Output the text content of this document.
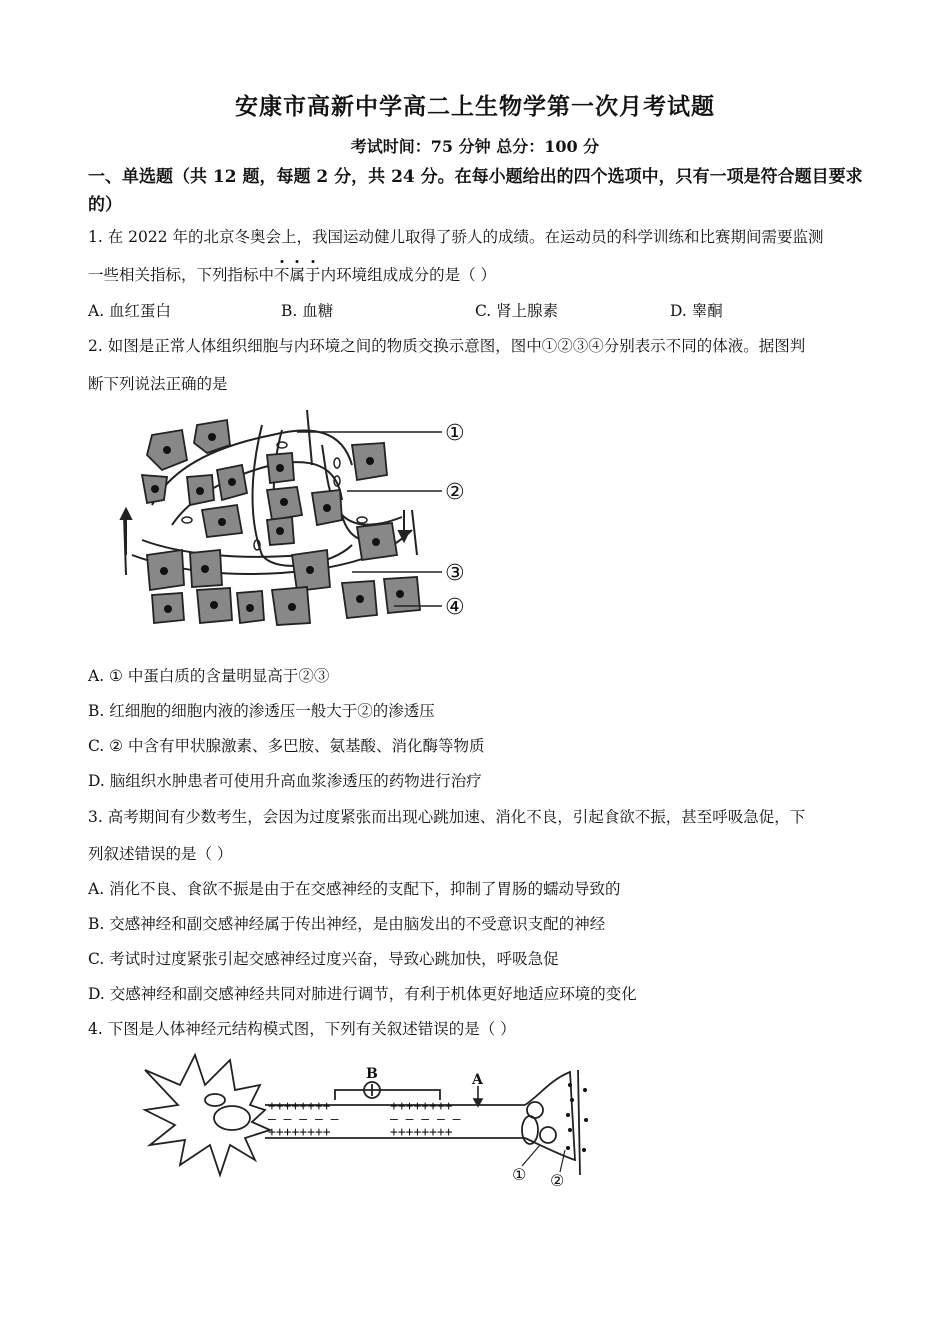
安康市高新中学高二上生物学第一次月考试题
考试时间：75 分钟 总分：100 分
一、单选题（共 12 题，每题 2 分，共 24 分。在每小题给出的四个选项中，只有一项是符合题目要求的）
1. 在 2022 年的北京冬奥会上，我国运动健儿取得了骄人的成绩。在运动员的科学训练和比赛期间需要监测
一些相关指标，下列指标中不属于内环境组成成分的是（ ）
A. 血红蛋白	B. 血糖	C. 肾上腺素	D. 睾酮
2. 如图是正常人体组织细胞与内环境之间的物质交换示意图，图中①②③④分别表示不同的体液。据图判
断下列说法正确的是
①
②
③
④
A. ① 中蛋白质的含量明显高于②③
B. 红细胞的细胞内液的渗透压一般大于②的渗透压
C. ② 中含有甲状腺激素、多巴胺、氨基酸、消化酶等物质
D. 脑组织水肿患者可使用升高血浆渗透压的药物进行治疗
3. 高考期间有少数考生，会因为过度紧张而出现心跳加速、消化不良，引起食欲不振，甚至呼吸急促，下
列叙述错误的是（ ）
A. 消化不良、食欲不振是由于在交感神经的支配下，抑制了胃肠的蠕动导致的
B. 交感神经和副交感神经属于传出神经，是由脑发出的不受意识支配的神经
C. 考试时过度紧张引起交感神经过度兴奋，导致心跳加快，呼吸急促
D. 交感神经和副交感神经共同对肺进行调节，有利于机体更好地适应环境的变化
4. 下图是人体神经元结构模式图，下列有关叙述错误的是（ ）
++++++++	++++++++
— — — — —	— — — — —
++++++++	++++++++
B	A
① ②
